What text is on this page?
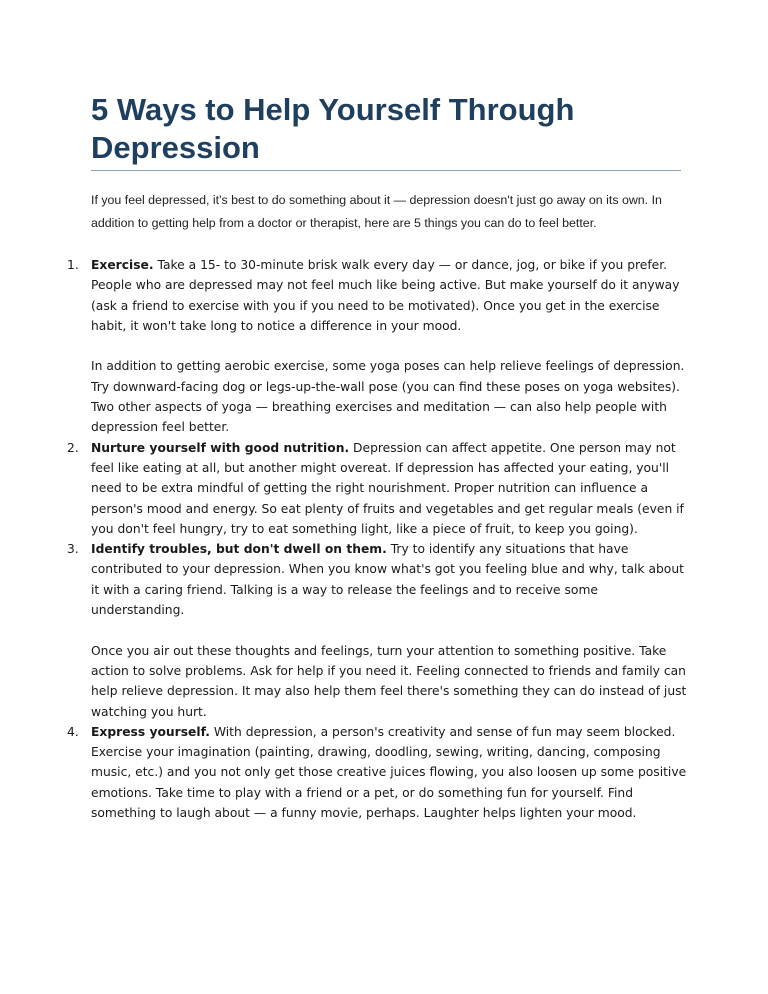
5 Ways to Help Yourself Through Depression

If you feel depressed, it's best to do something about it — depression doesn't just go away on its own. In addition to getting help from a doctor or therapist, here are 5 things you can do to feel better.

1. Exercise. Take a 15- to 30-minute brisk walk every day — or dance, jog, or bike if you prefer. People who are depressed may not feel much like being active. But make yourself do it anyway (ask a friend to exercise with you if you need to be motivated). Once you get in the exercise habit, it won't take long to notice a difference in your mood.

In addition to getting aerobic exercise, some yoga poses can help relieve feelings of depression. Try downward-facing dog or legs-up-the-wall pose (you can find these poses on yoga websites). Two other aspects of yoga — breathing exercises and meditation — can also help people with depression feel better.

2. Nurture yourself with good nutrition. Depression can affect appetite. One person may not feel like eating at all, but another might overeat. If depression has affected your eating, you'll need to be extra mindful of getting the right nourishment. Proper nutrition can influence a person's mood and energy. So eat plenty of fruits and vegetables and get regular meals (even if you don't feel hungry, try to eat something light, like a piece of fruit, to keep you going).

3. Identify troubles, but don't dwell on them. Try to identify any situations that have contributed to your depression. When you know what's got you feeling blue and why, talk about it with a caring friend. Talking is a way to release the feelings and to receive some understanding.

Once you air out these thoughts and feelings, turn your attention to something positive. Take action to solve problems. Ask for help if you need it. Feeling connected to friends and family can help relieve depression. It may also help them feel there's something they can do instead of just watching you hurt.

4. Express yourself. With depression, a person's creativity and sense of fun may seem blocked. Exercise your imagination (painting, drawing, doodling, sewing, writing, dancing, composing music, etc.) and you not only get those creative juices flowing, you also loosen up some positive emotions. Take time to play with a friend or a pet, or do something fun for yourself. Find something to laugh about — a funny movie, perhaps. Laughter helps lighten your mood.
